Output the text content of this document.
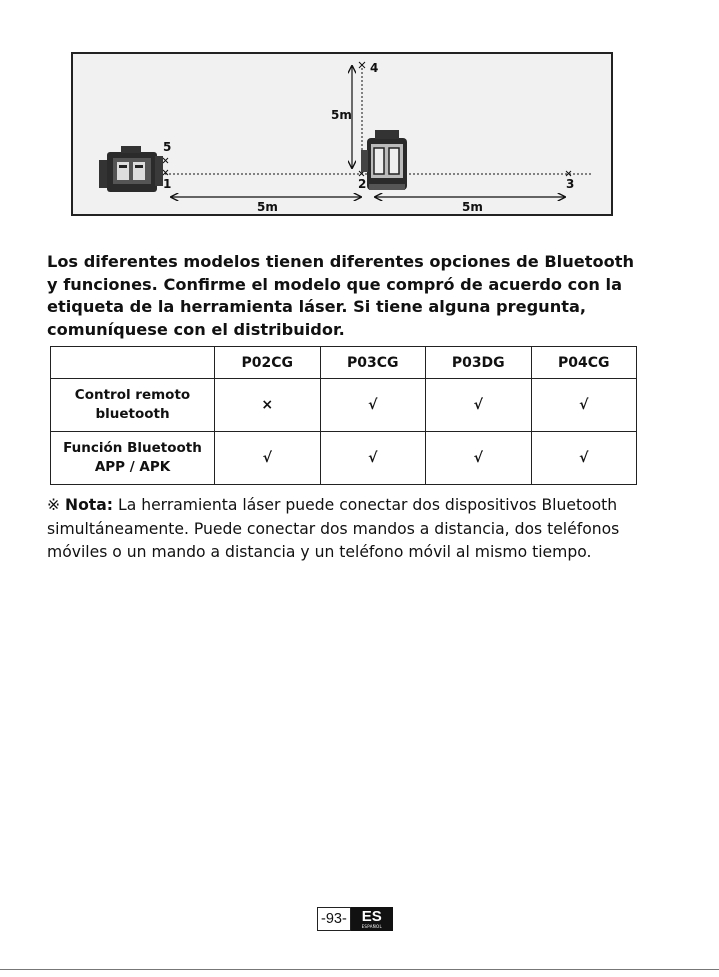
4
5m
5
1	2	3
5m	5m

Los diferentes modelos tienen diferentes opciones de Bluetooth y funciones. Confirme el modelo que compró de acuerdo con la etiqueta de la herramienta láser. Si tiene alguna pregunta, comuníquese con el distribuidor.

	P02CG	P03CG	P03DG	P04CG

Control remoto
bluetooth	×	√	√	√

Función Bluetooth
APP / APK	√	√	√	√

※ Nota: La herramienta láser puede conectar dos dispositivos Bluetooth simultáneamente. Puede conectar dos mandos a distancia, dos teléfonos móviles o un mando a distancia y un teléfono móvil al mismo tiempo.

-93- ES
ESPAÑOL
